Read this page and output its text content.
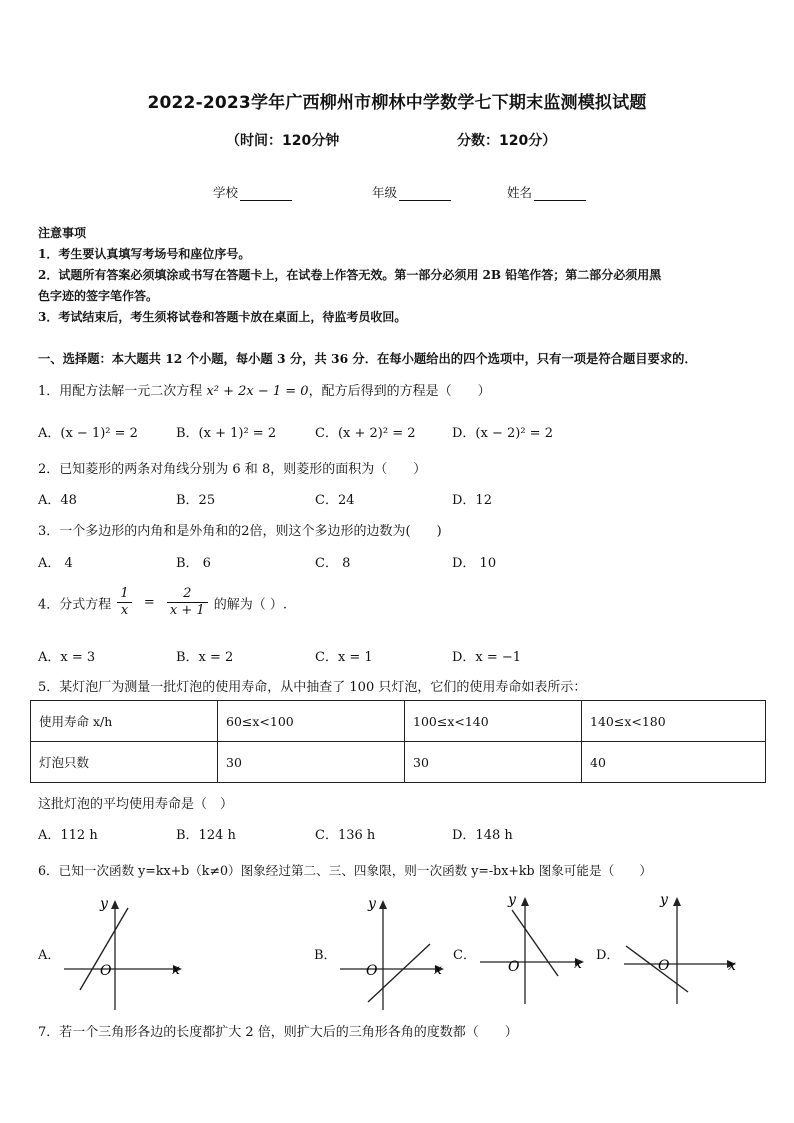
2022-2023学年广西柳州市柳林中学数学七下期末监测模拟试题
（时间：120分钟	分数：120分）
学校	年级	姓名
注意事项
1．考生要认真填写考场号和座位序号。
2．试题所有答案必须填涂或书写在答题卡上，在试卷上作答无效。第一部分必须用 2B 铅笔作答；第二部分必须用黑
色字迹的签字笔作答。
3．考试结束后，考生须将试卷和答题卡放在桌面上，待监考员收回。
一、选择题：本大题共 12 个小题，每小题 3 分，共 36 分．在每小题给出的四个选项中，只有一项是符合题目要求的．
1．用配方法解一元二次方程 x² + 2x − 1 = 0，配方后得到的方程是（　　）
A．(x − 1)² = 2	B．(x + 1)² = 2	C．(x + 2)² = 2	D．(x − 2)² = 2
2．已知菱形的两条对角线分别为 6 和 8，则菱形的面积为（　　）
A．48	B．25	C．24	D．12
3．一个多边形的内角和是外角和的2倍，则这个多边形的边数为(　　)
A． 4	B． 6	C． 8	D． 10
4．分式方程 $\frac{1}{x} = \frac{2}{x + 1}$ 的解为（ ）.
A．x = 3	B．x = 2	C．x = 1	D．x = −1
5．某灯泡厂为测量一批灯泡的使用寿命，从中抽查了 100 只灯泡，它们的使用寿命如表所示：
使用寿命 x/h	60≤x<100	100≤x<140	140≤x<180
灯泡只数	30	30	40
这批灯泡的平均使用寿命是（　）
A．112 h	B．124 h	C．136 h	D．148 h
6．已知一次函数 y=kx+b（k≠0）图象经过第二、三、四象限，则一次函数 y=-bx+kb 图象可能是（　　）
A．
x
y
O
B．
x
y
O
C．
x
y
O
D．
x
y
O
7．若一个三角形各边的长度都扩大 2 倍，则扩大后的三角形各角的度数都（　　）
